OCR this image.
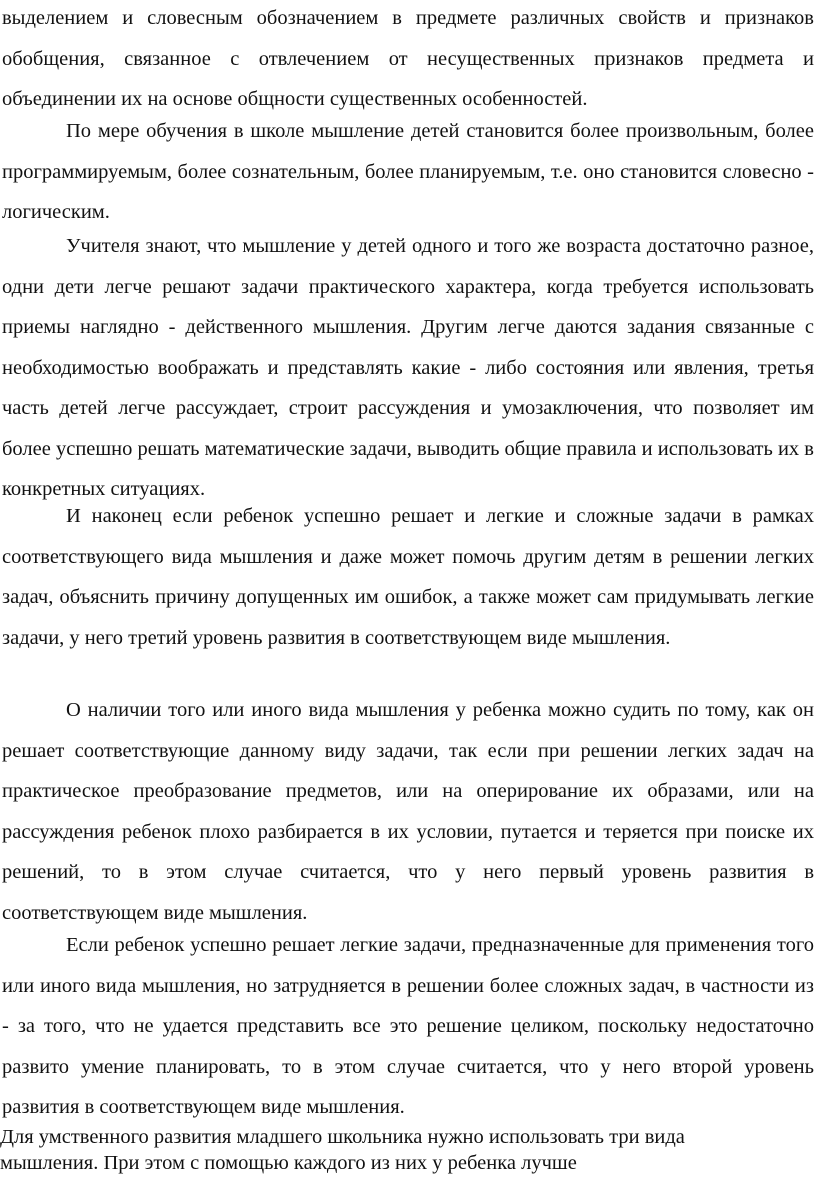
выделением и словесным обозначением в предмете различных свойств и признаков обобщения, связанное с отвлечением от несущественных признаков предмета и объединении их на основе общности существенных особенностей.

По мере обучения в школе мышление детей становится более произвольным, более программируемым, более сознательным, более планируемым, т.е. оно становится словесно - логическим.

Учителя знают, что мышление у детей одного и того же возраста достаточно разное, одни дети легче решают задачи практического характера, когда требуется использовать приемы наглядно - действенного мышления. Другим легче даются задания связанные с необходимостью воображать и представлять какие - либо состояния или явления, третья часть детей легче рассуждает, строит рассуждения и умозаключения, что позволяет им более успешно решать математические задачи, выводить общие правила и использовать их в конкретных ситуациях.

И наконец если ребенок успешно решает и легкие и сложные задачи в рамках соответствующего вида мышления и даже может помочь другим детям в решении легких задач, объяснить причину допущенных им ошибок, а также может сам придумывать легкие задачи, у него третий уровень развития в соответствующем виде мышления.

О наличии того или иного вида мышления у ребенка можно судить по тому, как он решает соответствующие данному виду задачи, так если при решении легких задач на практическое преобразование предметов, или на оперирование их образами, или на рассуждения ребенок плохо разбирается в их условии, путается и теряется при поиске их решений, то в этом случае считается, что у него первый уровень развития в соответствующем виде мышления.

Если ребенок успешно решает легкие задачи, предназначенные для применения того или иного вида мышления, но затрудняется в решении более сложных задач, в частности из - за того, что не удается представить все это решение целиком, поскольку недостаточно развито умение планировать, то в этом случае считается, что у него второй уровень развития в соответствующем виде мышления.

Для умственного развития младшего школьника нужно использовать три вида

мышления. При этом с помощью каждого из них у ребенка лучше
